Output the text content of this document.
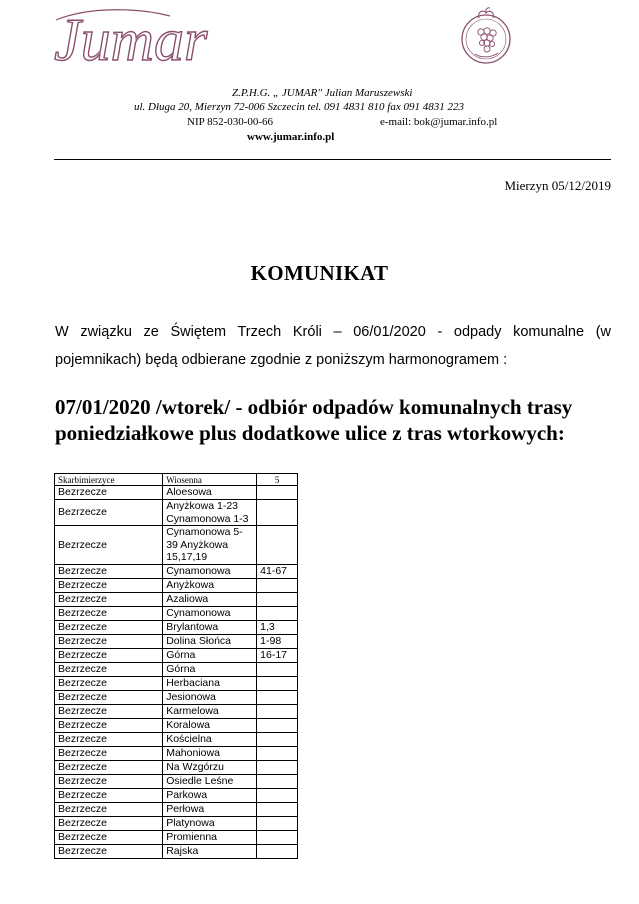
Jumar
Z.P.H.G. „ JUMAR" Julian Maruszewski
ul. Długa 20, Mierzyn 72-006 Szczecin tel. 091 4831 810 fax 091 4831 223
NIP 852-030-00-66	e-mail: bok@jumar.info.pl
www.jumar.info.pl
Mierzyn 05/12/2019
KOMUNIKAT
W związku ze Świętem Trzech Króli – 06/01/2020 - odpady komunalne (w pojemnikach) będą odbierane zgodnie z poniższym harmonogramem :
07/01/2020 /wtorek/ - odbiór odpadów komunalnych trasy poniedziałkowe plus dodatkowe ulice z tras wtorkowych:
Skarbimierzyce	Wiosenna	5
Bezrzecze	Aloesowa	
Bezrzecze	Anyżkowa 1-23
Cynamonowa 1-3	
Bezrzecze	Cynamonowa 5-39 Anyżkowa 15,17,19	
Bezrzecze	Cynamonowa	41-67
Bezrzecze	Anyżkowa	
Bezrzecze	Azaliowa	
Bezrzecze	Cynamonowa	
Bezrzecze	Brylantowa	1,3
Bezrzecze	Dolina Słońca	1-98
Bezrzecze	Górna	16-17
Bezrzecze	Górna	
Bezrzecze	Herbaciana	
Bezrzecze	Jesionowa	
Bezrzecze	Karmelowa	
Bezrzecze	Koralowa	
Bezrzecze	Kościelna	
Bezrzecze	Mahoniowa	
Bezrzecze	Na Wzgórzu	
Bezrzecze	Osiedle Leśne	
Bezrzecze	Parkowa	
Bezrzecze	Perłowa	
Bezrzecze	Platynowa	
Bezrzecze	Promienna	
Bezrzecze	Rajska	
